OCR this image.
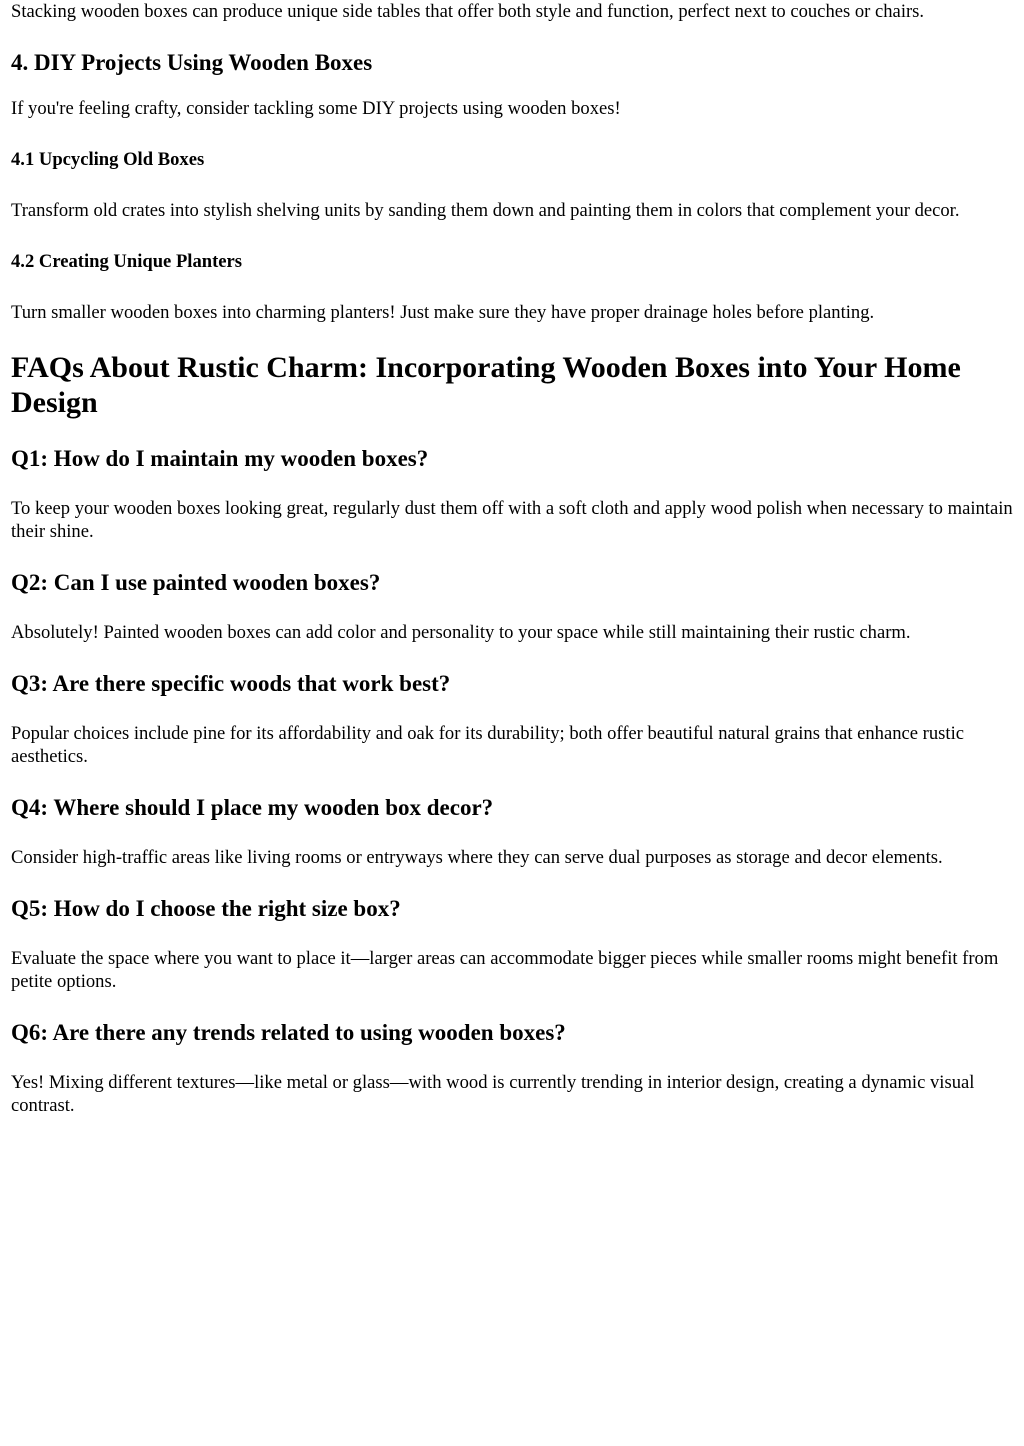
Stacking wooden boxes can produce unique side tables that offer both style and function, perfect next to couches or chairs.

4. DIY Projects Using Wooden Boxes

If you're feeling crafty, consider tackling some DIY projects using wooden boxes!

4.1 Upcycling Old Boxes

Transform old crates into stylish shelving units by sanding them down and painting them in colors that complement your decor.

4.2 Creating Unique Planters

Turn smaller wooden boxes into charming planters! Just make sure they have proper drainage holes before planting.

FAQs About Rustic Charm: Incorporating Wooden Boxes into Your Home Design
Q1: How do I maintain my wooden boxes?

To keep your wooden boxes looking great, regularly dust them off with a soft cloth and apply wood polish when necessary to maintain their shine.

Q2: Can I use painted wooden boxes?

Absolutely! Painted wooden boxes can add color and personality to your space while still maintaining their rustic charm.

Q3: Are there specific woods that work best?

Popular choices include pine for its affordability and oak for its durability; both offer beautiful natural grains that enhance rustic aesthetics.

Q4: Where should I place my wooden box decor?

Consider high-traffic areas like living rooms or entryways where they can serve dual purposes as storage and decor elements.

Q5: How do I choose the right size box?

Evaluate the space where you want to place it—larger areas can accommodate bigger pieces while smaller rooms might benefit from petite options.

Q6: Are there any trends related to using wooden boxes?

Yes! Mixing different textures—like metal or glass—with wood is currently trending in interior design, creating a dynamic visual contrast.
